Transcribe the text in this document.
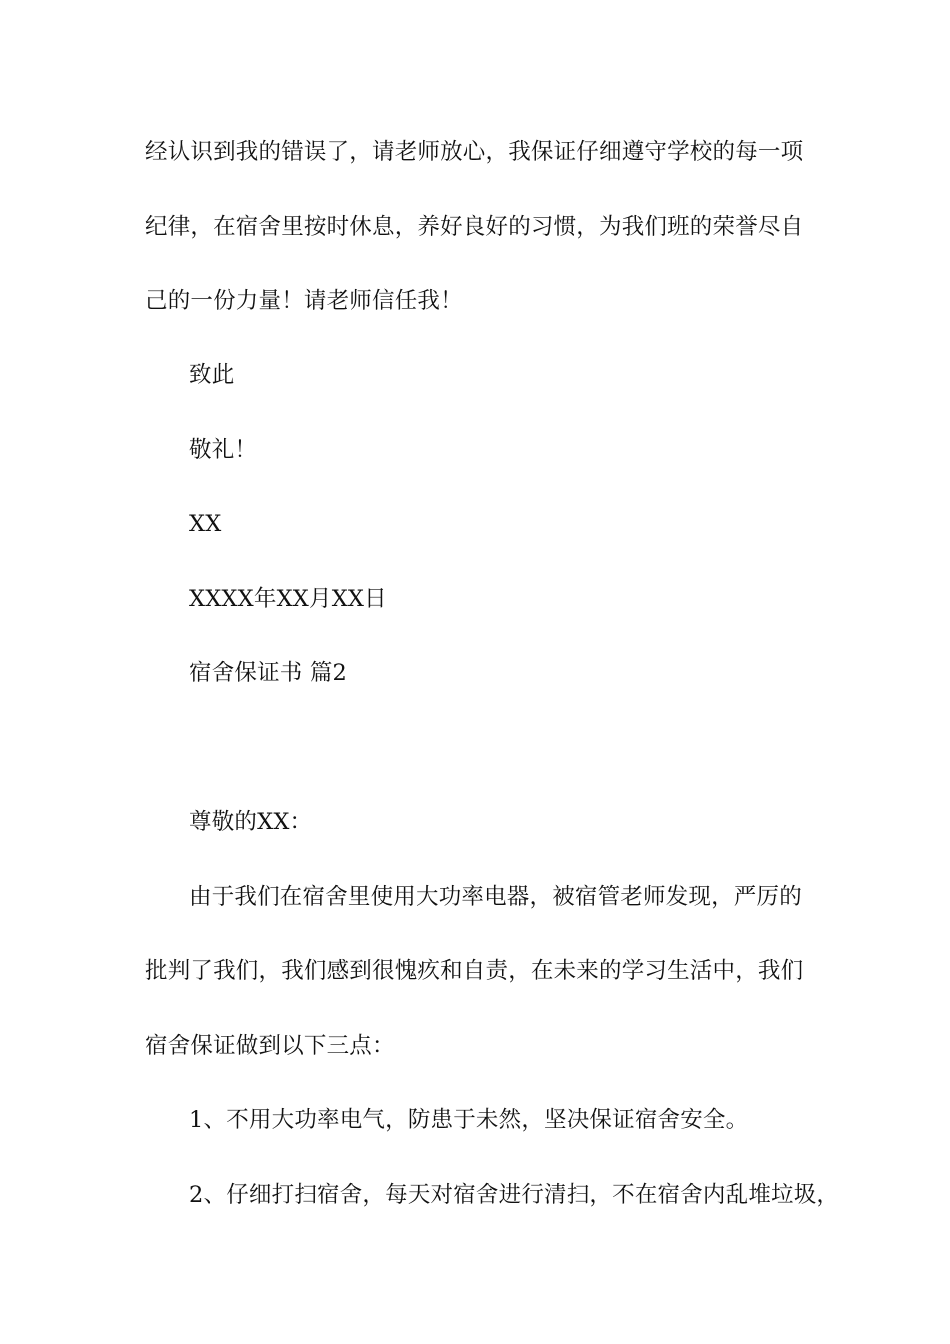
经认识到我的错误了，请老师放心，我保证仔细遵守学校的每一项
纪律，在宿舍里按时休息，养好良好的习惯，为我们班的荣誉尽自
己的一份力量！请老师信任我！
致此
敬礼！
XX
XXXX年XX月XX日
宿舍保证书 篇2
尊敬的XX：
由于我们在宿舍里使用大功率电器，被宿管老师发现，严厉的
批判了我们，我们感到很愧疚和自责，在未来的学习生活中，我们
宿舍保证做到以下三点：
1、不用大功率电气，防患于未然，坚决保证宿舍安全。
2、仔细打扫宿舍，每天对宿舍进行清扫，不在宿舍内乱堆垃圾，
